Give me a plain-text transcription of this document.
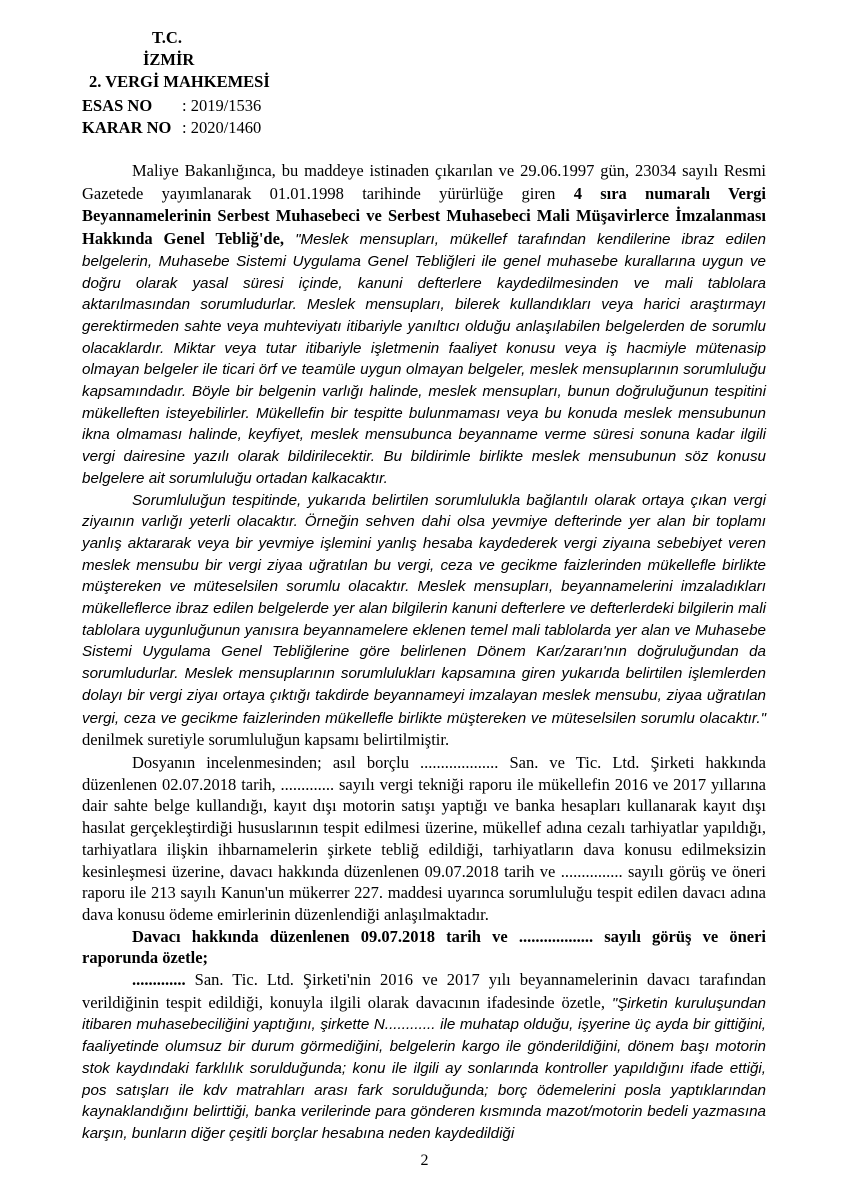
T.C.
İZMİR
2. VERGİ MAHKEMESİ
ESAS NO : 2019/1536
KARAR NO : 2020/1460

Maliye Bakanlığınca, bu maddeye istinaden çıkarılan ve 29.06.1997 gün, 23034 sayılı Resmi Gazetede yayımlanarak 01.01.1998 tarihinde yürürlüğe giren 4 sıra numaralı Vergi Beyannamelerinin Serbest Muhasebeci ve Serbest Muhasebeci Mali Müşavirlerce İmzalanması Hakkında Genel Tebliğ'de, "Meslek mensupları, mükellef tarafından kendilerine ibraz edilen belgelerin, Muhasebe Sistemi Uygulama Genel Tebliğleri ile genel muhasebe kurallarına uygun ve doğru olarak yasal süresi içinde, kanuni defterlere kaydedilmesinden ve mali tablolara aktarılmasından sorumludurlar. Meslek mensupları, bilerek kullandıkları veya harici araştırmayı gerektirmeden sahte veya muhteviyatı itibariyle yanıltıcı olduğu anlaşılabilen belgelerden de sorumlu olacaklardır. Miktar veya tutar itibariyle işletmenin faaliyet konusu veya iş hacmiyle mütenasip olmayan belgeler ile ticari örf ve teamüle uygun olmayan belgeler, meslek mensuplarının sorumluluğu kapsamındadır. Böyle bir belgenin varlığı halinde, meslek mensupları, bunun doğruluğunun tespitini mükelleften isteyebilirler. Mükellefin bir tespitte bulunmaması veya bu konuda meslek mensubunun ikna olmaması halinde, keyfiyet, meslek mensubunca beyanname verme süresi sonuna kadar ilgili vergi dairesine yazılı olarak bildirilecektir. Bu bildirimle birlikte meslek mensubunun söz konusu belgelere ait sorumluluğu ortadan kalkacaktır.

Sorumluluğun tespitinde, yukarıda belirtilen sorumlulukla bağlantılı olarak ortaya çıkan vergi ziyaının varlığı yeterli olacaktır. Örneğin sehven dahi olsa yevmiye defterinde yer alan bir toplamı yanlış aktararak veya bir yevmiye işlemini yanlış hesaba kaydederek vergi ziyaına sebebiyet veren meslek mensubu bir vergi ziyaa uğratılan bu vergi, ceza ve gecikme faizlerinden mükellefle birlikte müştereken ve müteselsilen sorumlu olacaktır. Meslek mensupları, beyannamelerini imzaladıkları mükelleflerce ibraz edilen belgelerde yer alan bilgilerin kanuni defterlere ve defterlerdeki bilgilerin mali tablolara uygunluğunun yanısıra beyannamelere eklenen temel mali tablolarda yer alan ve Muhasebe Sistemi Uygulama Genel Tebliğlerine göre belirlenen Dönem Kar/zararı'nın doğruluğundan da sorumludurlar. Meslek mensuplarının sorumlulukları kapsamına giren yukarıda belirtilen işlemlerden dolayı bir vergi ziyaı ortaya çıktığı takdirde beyannameyi imzalayan meslek mensubu, ziyaa uğratılan vergi, ceza ve gecikme faizlerinden mükellefle birlikte müştereken ve müteselsilen sorumlu olacaktır." denilmek suretiyle sorumluluğun kapsamı belirtilmiştir.

Dosyanın incelenmesinden; asıl borçlu ................... San. ve Tic. Ltd. Şirketi hakkında düzenlenen 02.07.2018 tarih, ............. sayılı vergi tekniği raporu ile mükellefin 2016 ve 2017 yıllarına dair sahte belge kullandığı, kayıt dışı motorin satışı yaptığı ve banka hesapları kullanarak kayıt dışı hasılat gerçekleştirdiği hususlarının tespit edilmesi üzerine, mükellef adına cezalı tarhiyatlar yapıldığı, tarhiyatlara ilişkin ihbarnamelerin şirkete tebliğ edildiği, tarhiyatların dava konusu edilmeksizin kesinleşmesi üzerine, davacı hakkında düzenlenen 09.07.2018 tarih ve ............... sayılı görüş ve öneri raporu ile 213 sayılı Kanun'un mükerrer 227. maddesi uyarınca sorumluluğu tespit edilen davacı adına dava konusu ödeme emirlerinin düzenlendiği anlaşılmaktadır.

Davacı hakkında düzenlenen 09.07.2018 tarih ve .................. sayılı görüş ve öneri raporunda özetle;

............. San. Tic. Ltd. Şirketi'nin 2016 ve 2017 yılı beyannamelerinin davacı tarafından verildiğinin tespit edildiği, konuyla ilgili olarak davacının ifadesinde özetle, "Şirketin kuruluşundan itibaren muhasebeciliğini yaptığını, şirkette N............ ile muhatap olduğu, işyerine üç ayda bir gittiğini, faaliyetinde olumsuz bir durum görmediğini, belgelerin kargo ile gönderildiğini, dönem başı motorin stok kaydındaki farklılık sorulduğunda; konu ile ilgili ay sonlarında kontroller yapıldığını ifade ettiği, pos satışları ile kdv matrahları arası fark sorulduğunda; borç ödemelerini posla yaptıklarından kaynaklandığını belirttiği, banka verilerinde para gönderen kısmında mazot/motorin bedeli yazmasına karşın, bunların diğer çeşitli borçlar hesabına neden kaydedildiği

2
